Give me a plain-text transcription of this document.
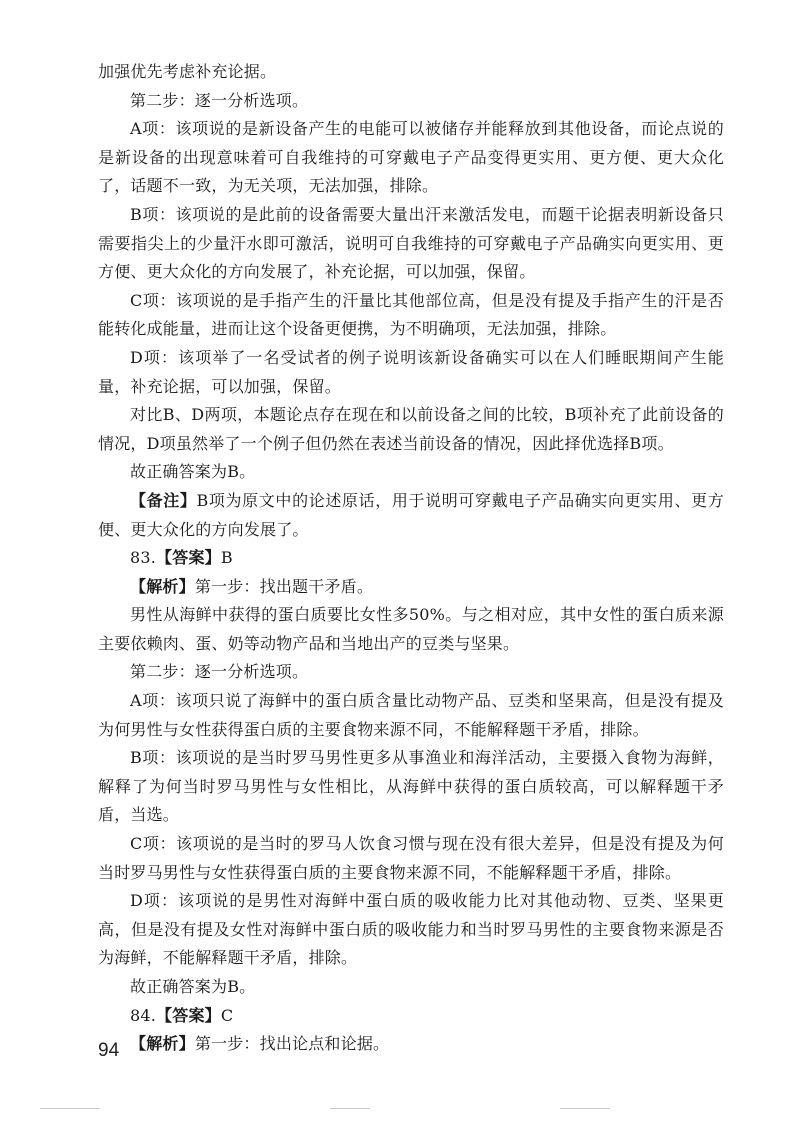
加强优先考虑补充论据。

第二步：逐一分析选项。

A项：该项说的是新设备产生的电能可以被储存并能释放到其他设备，而论点说的是新设备的出现意味着可自我维持的可穿戴电子产品变得更实用、更方便、更大众化了，话题不一致，为无关项，无法加强，排除。

B项：该项说的是此前的设备需要大量出汗来激活发电，而题干论据表明新设备只需要指尖上的少量汗水即可激活，说明可自我维持的可穿戴电子产品确实向更实用、更方便、更大众化的方向发展了，补充论据，可以加强，保留。

C项：该项说的是手指产生的汗量比其他部位高，但是没有提及手指产生的汗是否能转化成能量，进而让这个设备更便携，为不明确项，无法加强，排除。

D项：该项举了一名受试者的例子说明该新设备确实可以在人们睡眠期间产生能量，补充论据，可以加强，保留。

对比B、D两项，本题论点存在现在和以前设备之间的比较，B项补充了此前设备的情况，D项虽然举了一个例子但仍然在表述当前设备的情况，因此择优选择B项。

故正确答案为B。

【备注】B项为原文中的论述原话，用于说明可穿戴电子产品确实向更实用、更方便、更大众化的方向发展了。

83.【答案】B

【解析】第一步：找出题干矛盾。

男性从海鲜中获得的蛋白质要比女性多50%。与之相对应，其中女性的蛋白质来源主要依赖肉、蛋、奶等动物产品和当地出产的豆类与坚果。

第二步：逐一分析选项。

A项：该项只说了海鲜中的蛋白质含量比动物产品、豆类和坚果高，但是没有提及为何男性与女性获得蛋白质的主要食物来源不同，不能解释题干矛盾，排除。

B项：该项说的是当时罗马男性更多从事渔业和海洋活动，主要摄入食物为海鲜，解释了为何当时罗马男性与女性相比，从海鲜中获得的蛋白质较高，可以解释题干矛盾，当选。

C项：该项说的是当时的罗马人饮食习惯与现在没有很大差异，但是没有提及为何当时罗马男性与女性获得蛋白质的主要食物来源不同，不能解释题干矛盾，排除。

D项：该项说的是男性对海鲜中蛋白质的吸收能力比对其他动物、豆类、坚果更高，但是没有提及女性对海鲜中蛋白质的吸收能力和当时罗马男性的主要食物来源是否为海鲜，不能解释题干矛盾，排除。

故正确答案为B。

84.【答案】C

【解析】第一步：找出论点和论据。

94
